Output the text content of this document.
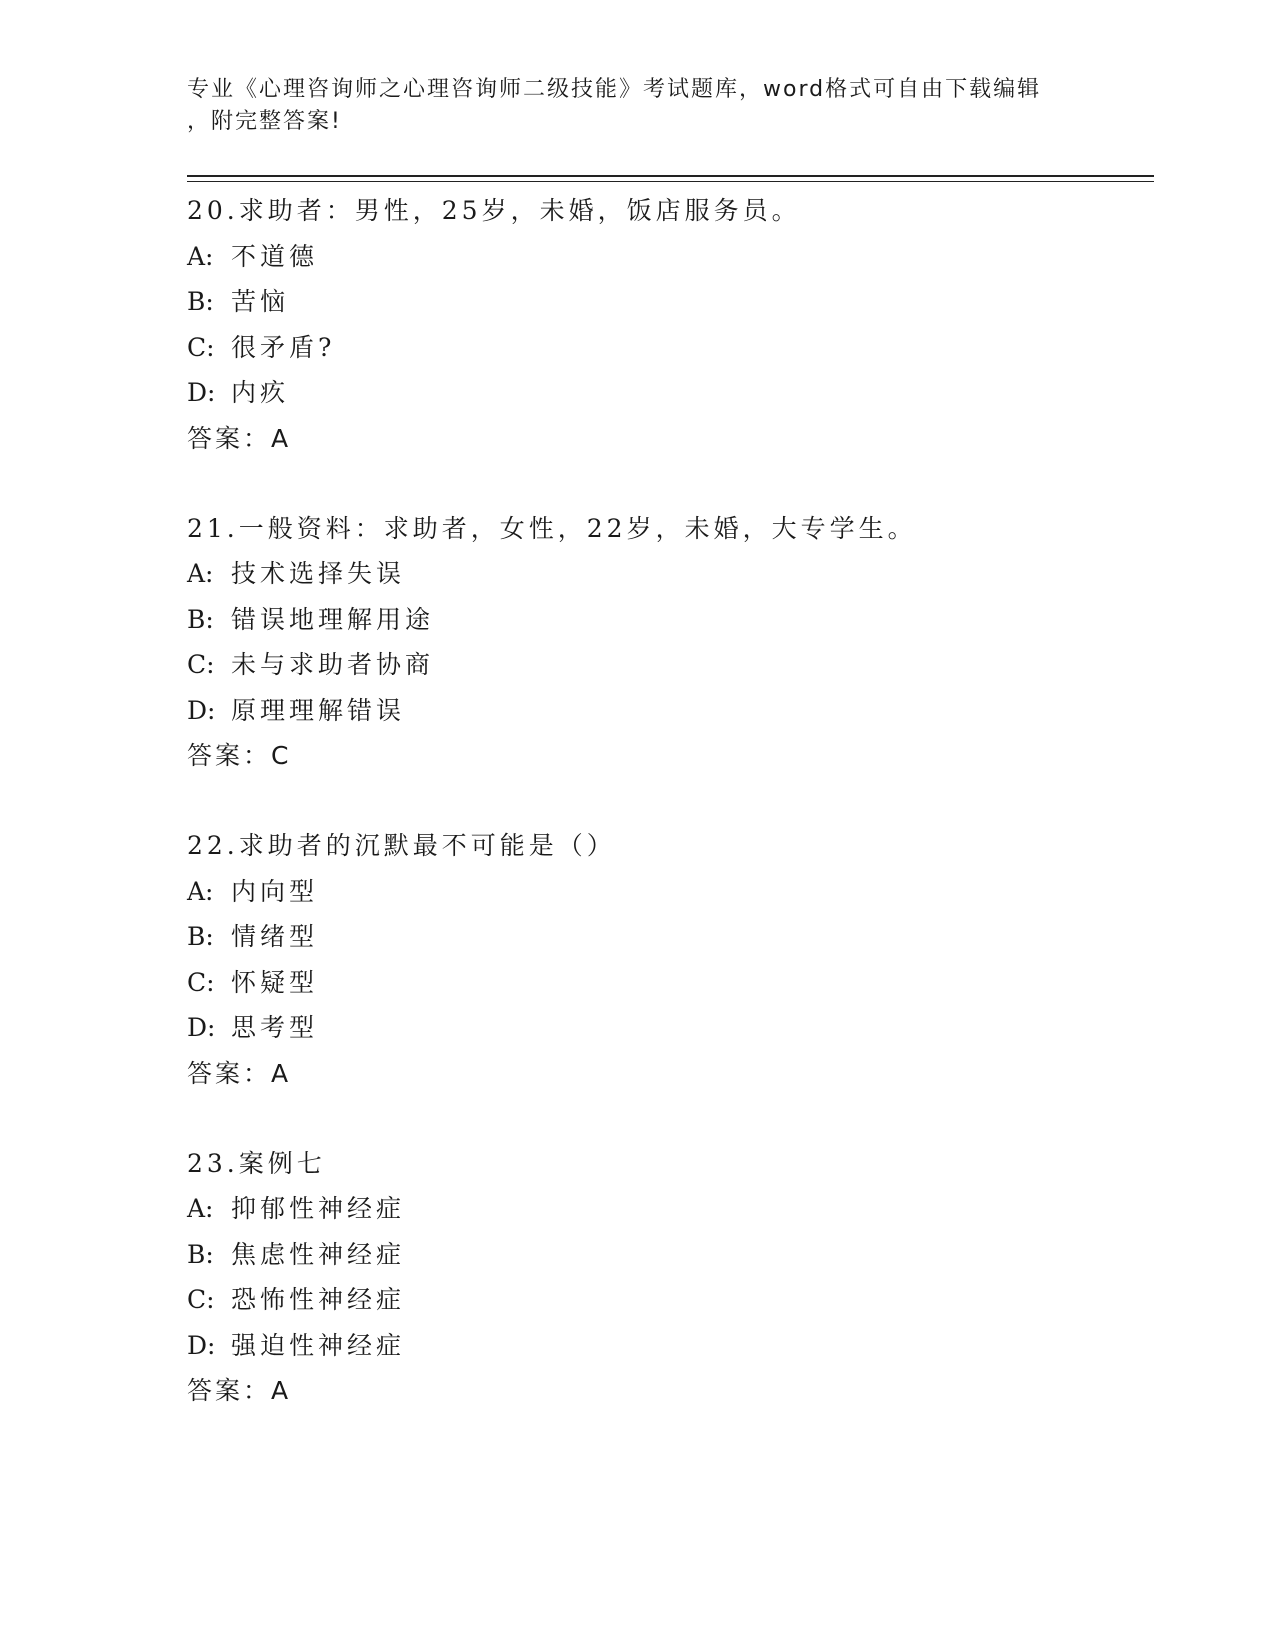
专业《心理咨询师之心理咨询师二级技能》考试题库，word格式可自由下载编辑
，附完整答案!
20.求助者：男性，25岁，未婚，饭店服务员。
A: 不道德
B: 苦恼
C: 很矛盾?
D: 内疚
答案：A
21.一般资料：求助者，女性，22岁，未婚，大专学生。
A: 技术选择失误
B: 错误地理解用途
C: 未与求助者协商
D: 原理理解错误
答案：C
22.求助者的沉默最不可能是（）
A: 内向型
B: 情绪型
C: 怀疑型
D: 思考型
答案：A
23.案例七
A: 抑郁性神经症
B: 焦虑性神经症
C: 恐怖性神经症
D: 强迫性神经症
答案：A
